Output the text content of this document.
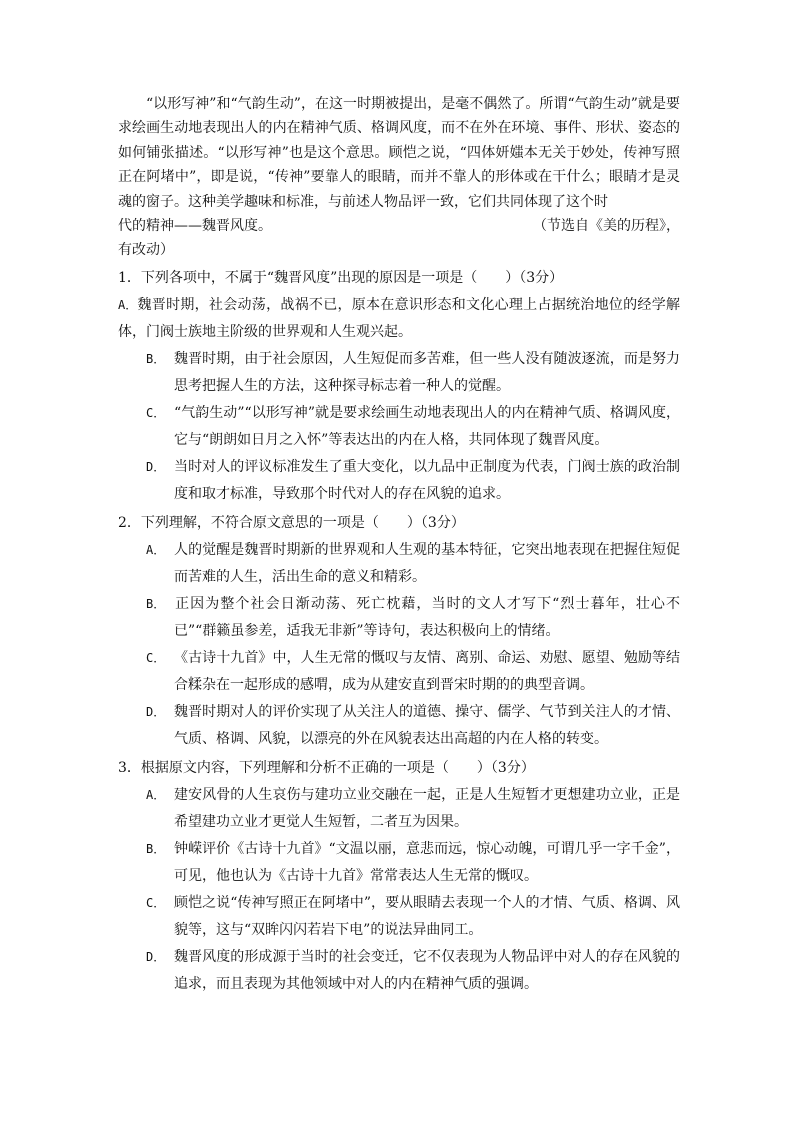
“以形写神”和“气韵生动”，在这一时期被提出，是毫不偶然了。所谓“气韵生动”就是要求绘画生动地表现出人的内在精神气质、格调风度，而不在外在环境、事件、形状、姿态的如何铺张描述。“以形写神”也是这个意思。顾恺之说，“四体妍媸本无关于妙处，传神写照正在阿堵中”，即是说，“传神”要靠人的眼睛，而并不靠人的形体或在干什么；眼睛才是灵魂的窗子。这种美学趣味和标准，与前述人物品评一致，它们共同体现了这个时

代的精神——魏晋风度。	（节选自《美的历程》，

有改动）

1．下列各项中，不属于“魏晋风度”出现的原因是一项是（　　）（3分）

A．魏晋时期，社会动荡，战祸不已，原本在意识形态和文化心理上占据统治地位的经学解体，门阀士族地主阶级的世界观和人生观兴起。

B． 魏晋时期，由于社会原因，人生短促而多苦难，但一些人没有随波逐流，而是努力思考把握人生的方法，这种探寻标志着一种人的觉醒。

C． “气韵生动”“以形写神”就是要求绘画生动地表现出人的内在精神气质、格调风度，它与“朗朗如日月之入怀”等表达出的内在人格，共同体现了魏晋风度。

D． 当时对人的评议标准发生了重大变化，以九品中正制度为代表，门阀士族的政治制度和取才标准，导致那个时代对人的存在风貌的追求。

2．下列理解，不符合原文意思的一项是（　　）（3分）

A． 人的觉醒是魏晋时期新的世界观和人生观的基本特征，它突出地表现在把握住短促而苦难的人生，活出生命的意义和精彩。

B． 正因为整个社会日渐动荡、死亡枕藉，当时的文人才写下“烈士暮年，壮心不已”“群籁虽参差，适我无非新”等诗句，表达积极向上的情绪。

C． 《古诗十九首》中，人生无常的慨叹与友情、离别、命运、劝慰、愿望、勉励等结合糅杂在一起形成的感喟，成为从建安直到晋宋时期的的典型音调。

D． 魏晋时期对人的评价实现了从关注人的道德、操守、儒学、气节到关注人的才情、气质、格调、风貌，以漂亮的外在风貌表达出高超的内在人格的转变。

3．根据原文内容，下列理解和分析不正确的一项是（　　）（3分）

A． 建安风骨的人生哀伤与建功立业交融在一起，正是人生短暂才更想建功立业，正是希望建功立业才更觉人生短暂，二者互为因果。

B． 钟嵘评价《古诗十九首》“文温以丽，意悲而远，惊心动魄，可谓几乎一字千金”，可见，他也认为《古诗十九首》常常表达人生无常的慨叹。

C． 顾恺之说“传神写照正在阿堵中”，要从眼睛去表现一个人的才情、气质、格调、风貌等，这与“双眸闪闪若岩下电”的说法异曲同工。

D． 魏晋风度的形成源于当时的社会变迁，它不仅表现为人物品评中对人的存在风貌的追求，而且表现为其他领域中对人的内在精神气质的强调。
